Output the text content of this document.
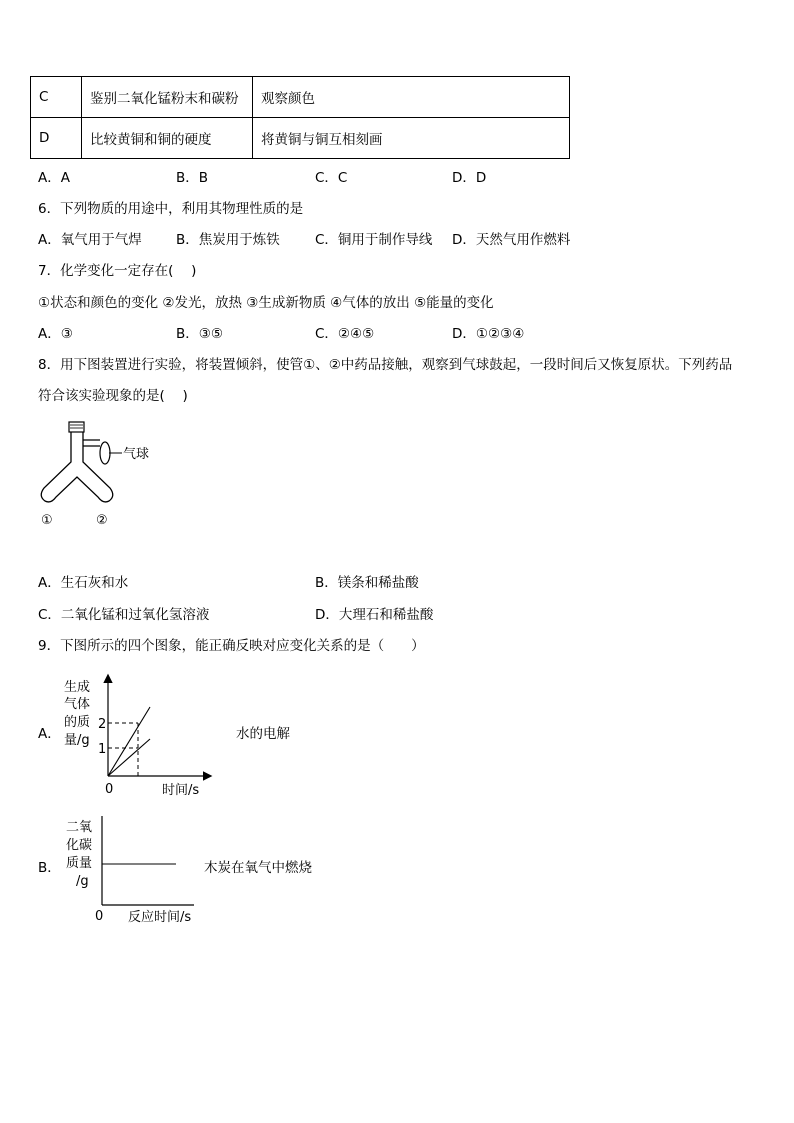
C	鉴别二氧化锰粉末和碳粉	观察颜色
D	比较黄铜和铜的硬度	将黄铜与铜互相刻画
A．A	B．B	C．C	D．D
6．下列物质的用途中，利用其物理性质的是
A．氧气用于气焊	B．焦炭用于炼铁	C．铜用于制作导线 D．天然气用作燃料
7．化学变化一定存在(　 )
①状态和颜色的变化 ②发光，放热 ③生成新物质 ④气体的放出 ⑤能量的变化
A．③	B．③⑤	C．②④⑤	D．①②③④
8．用下图装置进行实验，将装置倾斜，使管①、②中药品接触，观察到气球鼓起，一段时间后又恢复原状。下列药品
符合该实验现象的是(　 )
气球
①	②
A．生石灰和水	B．镁条和稀盐酸
C．二氧化锰和过氧化氢溶液	D．大理石和稀盐酸
9．下图所示的四个图象，能正确反映对应变化关系的是（　　）
A．
生成 气体 的质 量/g
2
1
0	时间/s
水的电解
B．
二氧 化碳 质量 /g
0 反应时间/s
木炭在氧气中燃烧
